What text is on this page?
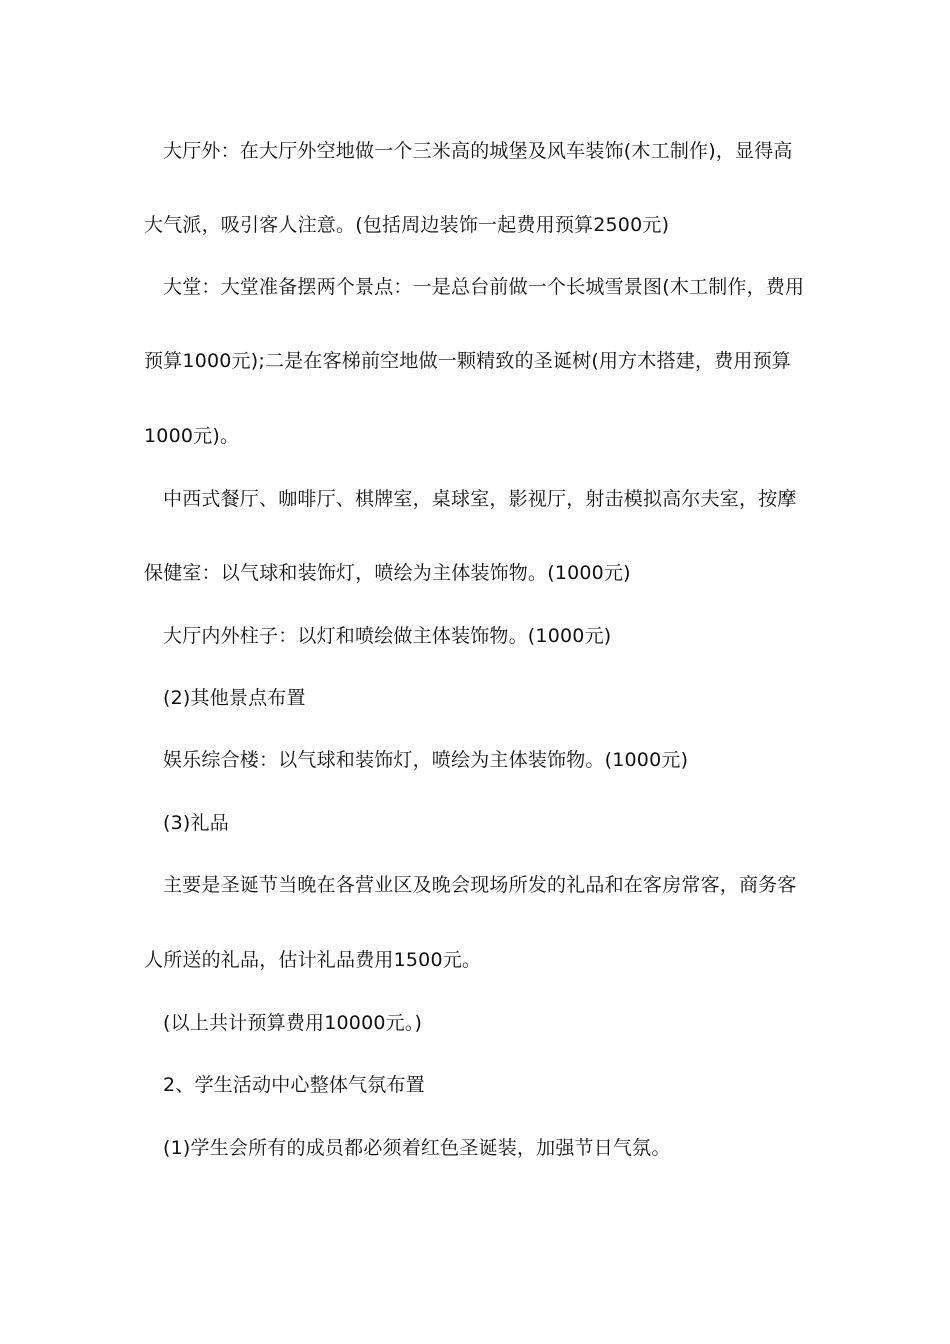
大厅外：在大厅外空地做一个三米高的城堡及风车装饰(木工制作)，显得高
大气派，吸引客人注意。(包括周边装饰一起费用预算2500元)
大堂：大堂准备摆两个景点：一是总台前做一个长城雪景图(木工制作，费用
预算1000元);二是在客梯前空地做一颗精致的圣诞树(用方木搭建，费用预算
1000元)。
中西式餐厅、咖啡厅、棋牌室，桌球室，影视厅，射击模拟高尔夫室，按摩
保健室：以气球和装饰灯，喷绘为主体装饰物。(1000元)
大厅内外柱子：以灯和喷绘做主体装饰物。(1000元)
(2)其他景点布置
娱乐综合楼：以气球和装饰灯，喷绘为主体装饰物。(1000元)
(3)礼品
主要是圣诞节当晚在各营业区及晚会现场所发的礼品和在客房常客，商务客
人所送的礼品，估计礼品费用1500元。
(以上共计预算费用10000元。)
2、学生活动中心整体气氛布置
(1)学生会所有的成员都必须着红色圣诞装，加强节日气氛。
